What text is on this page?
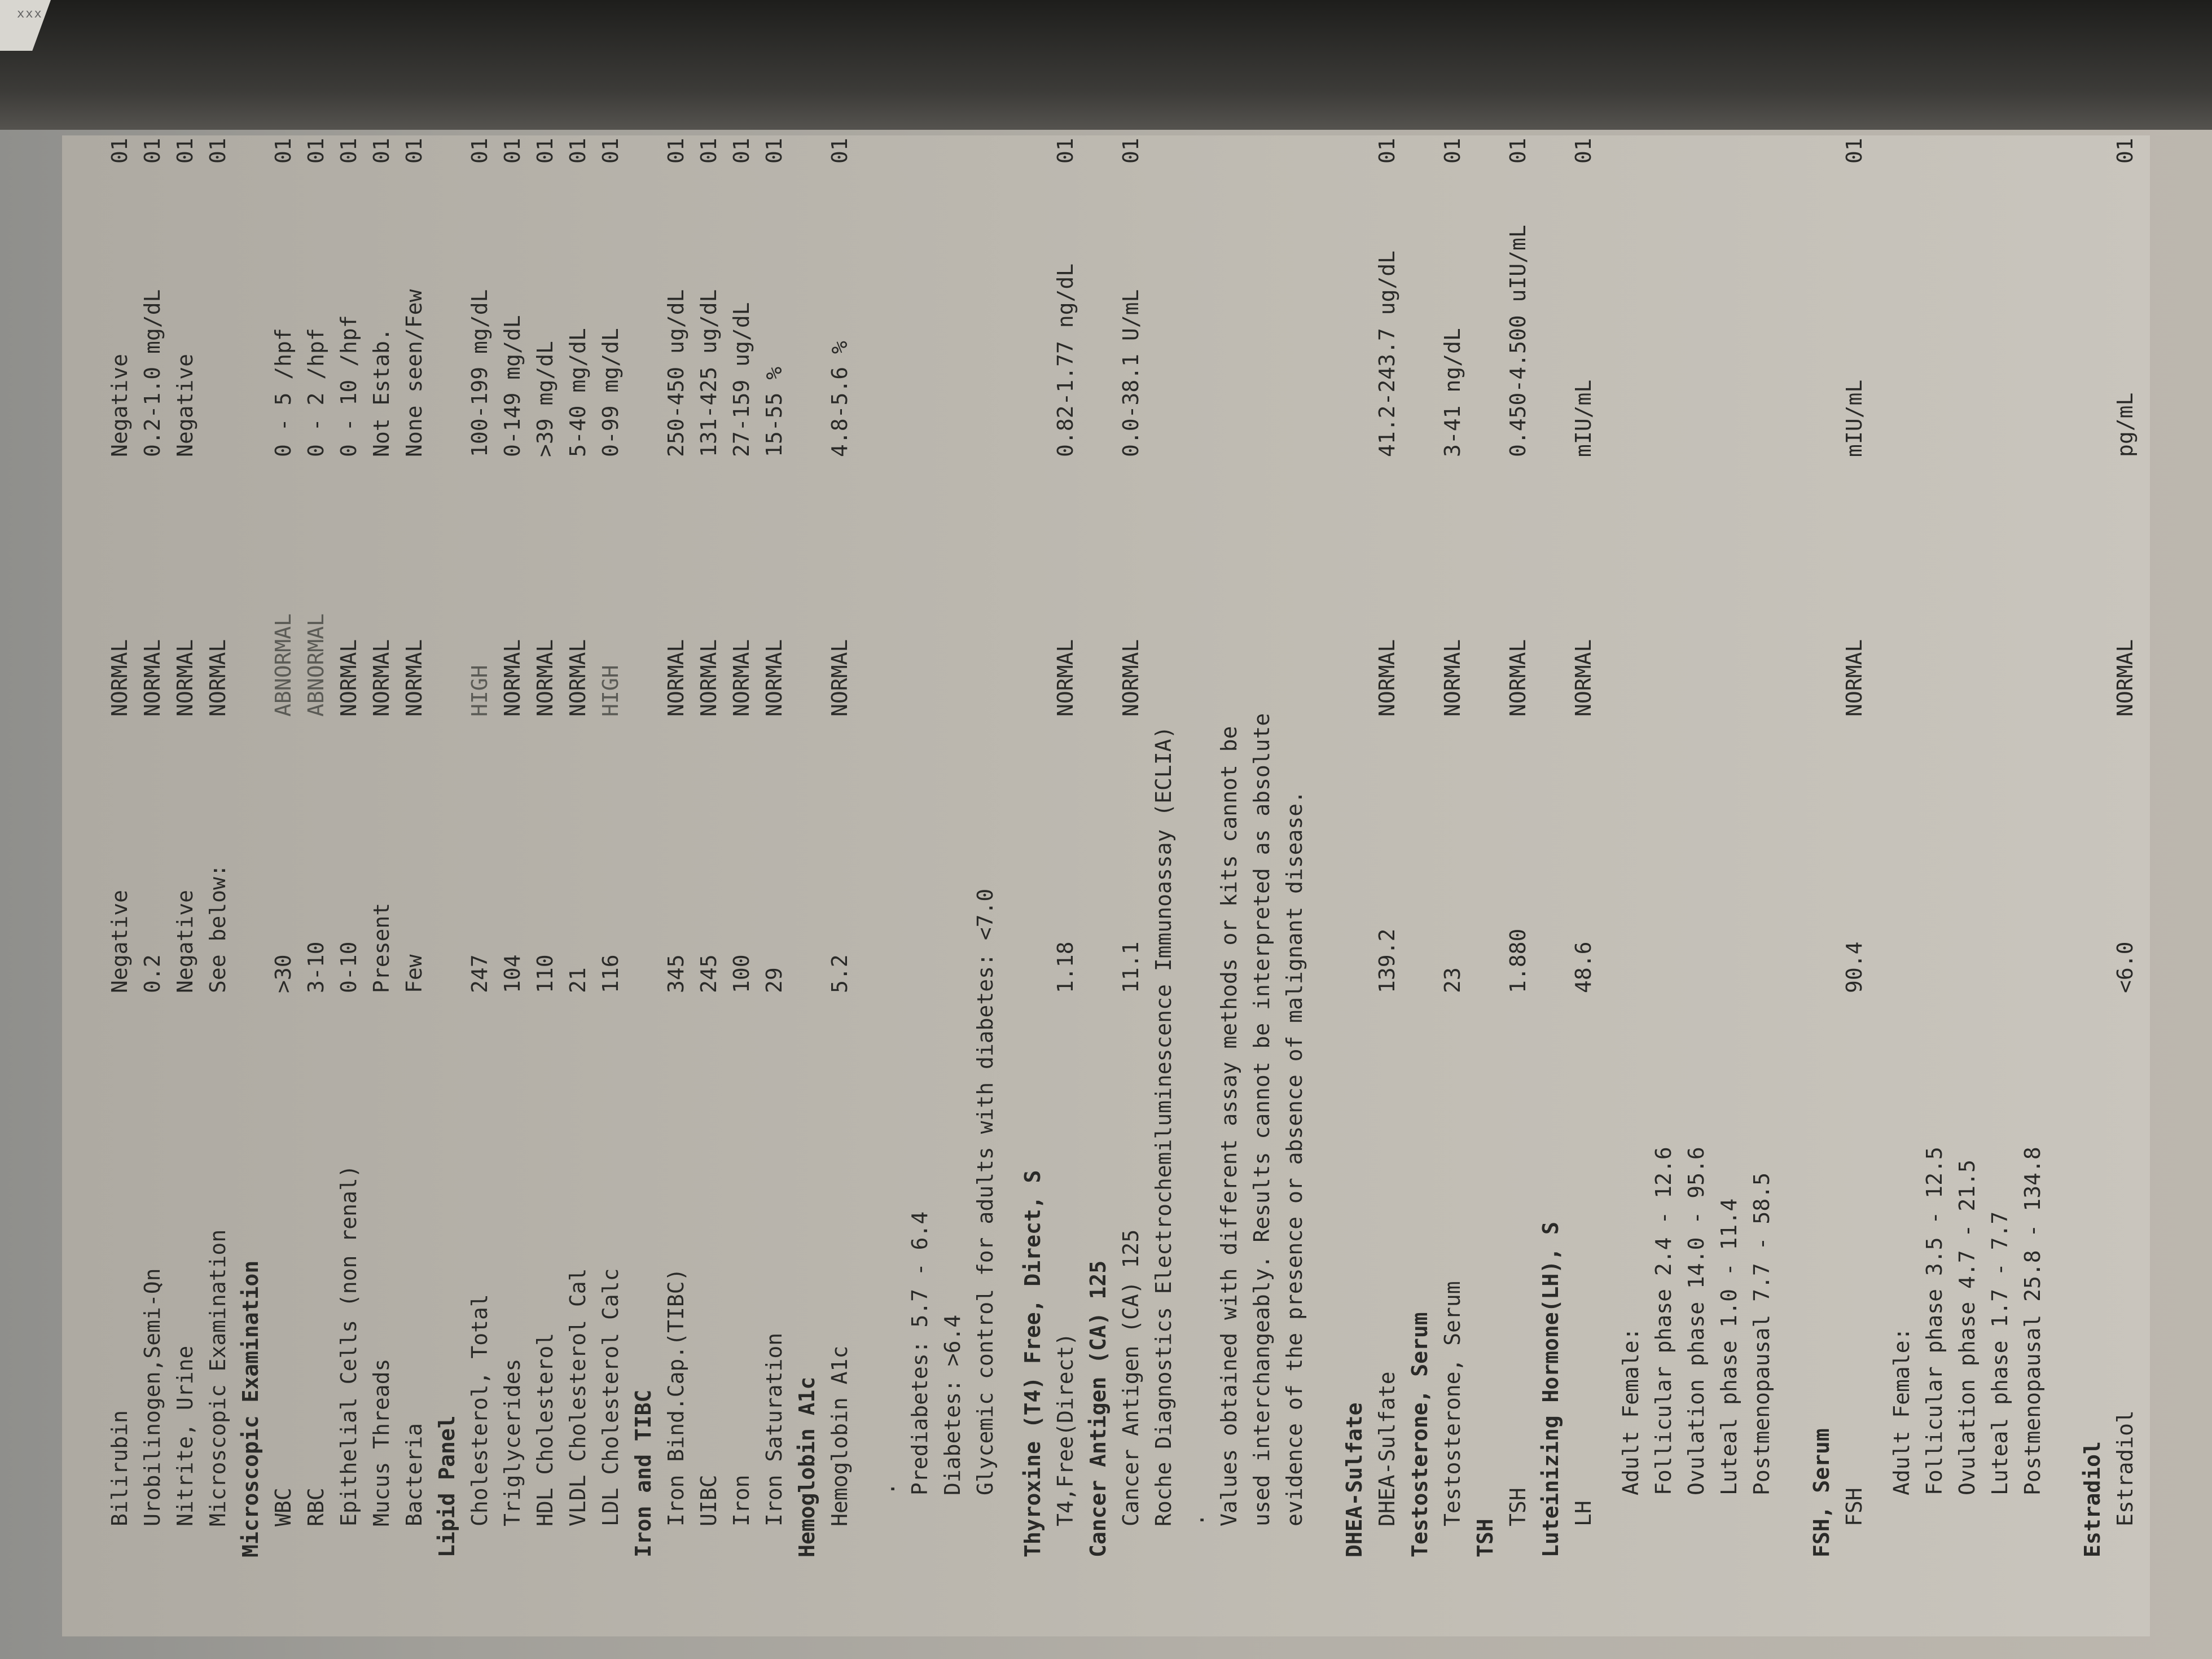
xxx
Bilirubin
Negative
NORMAL
Negative
01
Urobilinogen,Semi-Qn
0.2
NORMAL
0.2-1.0 mg/dL
01
Nitrite, Urine
Negative
NORMAL
Negative
01
Microscopic Examination
See below:
NORMAL
01
Microscopic Examination WBC
>30
ABNORMAL
0 - 5 /hpf
01
RBC
3-10
ABNORMAL
0 - 2 /hpf
01
Epithelial Cells (non renal)
0-10
NORMAL
0 - 10 /hpf
01
Mucus Threads
Present
NORMAL
Not Estab.
01
Bacteria
Few
NORMAL
None seen/Few
01
Lipid Panel Cholesterol, Total
247
HIGH
100-199 mg/dL
01
Triglycerides
104
NORMAL
0-149 mg/dL
01
HDL Cholesterol
110
NORMAL
>39 mg/dL
01
VLDL Cholesterol Cal
21
NORMAL
5-40 mg/dL
01
LDL Cholesterol Calc
116
HIGH
0-99 mg/dL
01
Iron and TIBC Iron Bind.Cap.(TIBC)
345
NORMAL
250-450 ug/dL
01
UIBC
245
NORMAL
131-425 ug/dL
01
Iron
100
NORMAL
27-159 ug/dL
01
Iron Saturation
29
NORMAL
15-55 %
01
Hemoglobin A1c Hemoglobin A1c
5.2
NORMAL
4.8-5.6 %
01
. Prediabetes: 5.7 - 6.4 Diabetes: >6.4 Glycemic control for adults with diabetes: <7.0 Thyroxine (T4) Free, Direct, S T4,Free(Direct)
1.18
NORMAL
0.82-1.77 ng/dL
01
Cancer Antigen (CA) 125 Cancer Antigen (CA) 125
11.1
NORMAL
0.0-38.1 U/mL
01
Roche Diagnostics Electrochemiluminescence Immunoassay (ECLIA) . Values obtained with different assay methods or kits cannot be used interchangeably. Results cannot be interpreted as absolute evidence of the presence or absence of malignant disease. DHEA-Sulfate DHEA-Sulfate
139.2
NORMAL
41.2-243.7 ug/dL
01
Testosterone, Serum Testosterone, Serum
23
NORMAL
3-41 ng/dL
01
TSH
TSH
1.880
NORMAL
0.450-4.500 uIU/mL
01
Luteinizing Hormone(LH), S LH
48.6
NORMAL
mIU/mL
01
Adult Female: Follicular phase 2.4 - 12.6 Ovulation phase 14.0 - 95.6 Luteal phase 1.0 - 11.4 Postmenopausal 7.7 - 58.5 FSH, Serum FSH
90.4
NORMAL
mIU/mL
01
Adult Female: Follicular phase 3.5 - 12.5 Ovulation phase 4.7 - 21.5 Luteal phase 1.7 - 7.7 Postmenopausal 25.8 - 134.8
Estradiol Estradiol
<6.0
NORMAL
pg/mL
01
